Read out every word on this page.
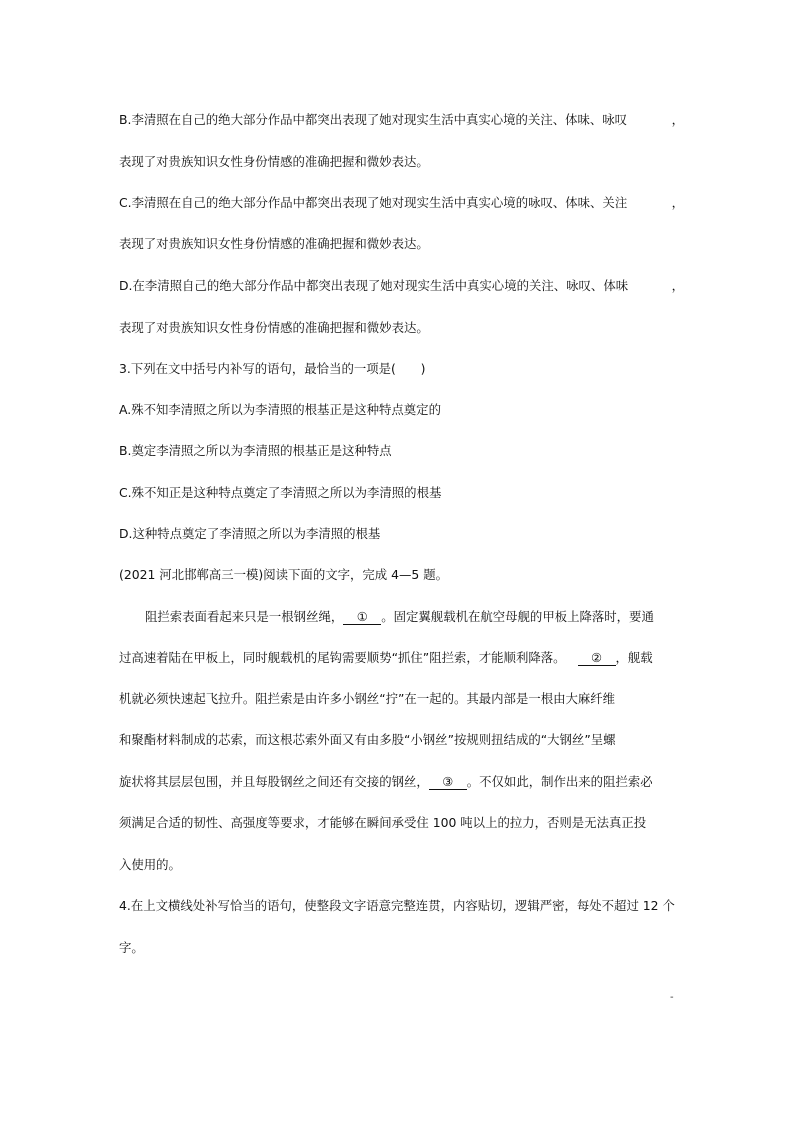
B.李清照在自己的绝大部分作品中都突出表现了她对现实生活中真实心境的关注、体味、咏叹	，
表现了对贵族知识女性身份情感的准确把握和微妙表达。
C.李清照在自己的绝大部分作品中都突出表现了她对现实生活中真实心境的咏叹、体味、关注	，
表现了对贵族知识女性身份情感的准确把握和微妙表达。
D.在李清照自己的绝大部分作品中都突出表现了她对现实生活中真实心境的关注、咏叹、体味	，
表现了对贵族知识女性身份情感的准确把握和微妙表达。
3.下列在文中括号内补写的语句，最恰当的一项是(　　)
A.殊不知李清照之所以为李清照的根基正是这种特点奠定的
B.奠定李清照之所以为李清照的根基正是这种特点
C.殊不知正是这种特点奠定了李清照之所以为李清照的根基
D.这种特点奠定了李清照之所以为李清照的根基
(2021 河北邯郸高三一模)阅读下面的文字，完成 4—5 题。
阻拦索表面看起来只是一根钢丝绳， ① 。固定翼舰载机在航空母舰的甲板上降落时，要通
过高速着陆在甲板上，同时舰载机的尾钩需要顺势“抓住”阻拦索，才能顺利降落。 ② ，舰载
机就必须快速起飞拉升。阻拦索是由许多小钢丝“拧”在一起的。其最内部是一根由大麻纤维
和聚酯材料制成的芯索，而这根芯索外面又有由多股“小钢丝”按规则扭结成的“大钢丝”呈螺
旋状将其层层包围，并且每股钢丝之间还有交接的钢丝， ③ 。不仅如此，制作出来的阻拦索必
须满足合适的韧性、高强度等要求，才能够在瞬间承受住 100 吨以上的拉力，否则是无法真正投
入使用的。
4.在上文横线处补写恰当的语句，使整段文字语意完整连贯，内容贴切，逻辑严密，每处不超过 12 个
字。
-
